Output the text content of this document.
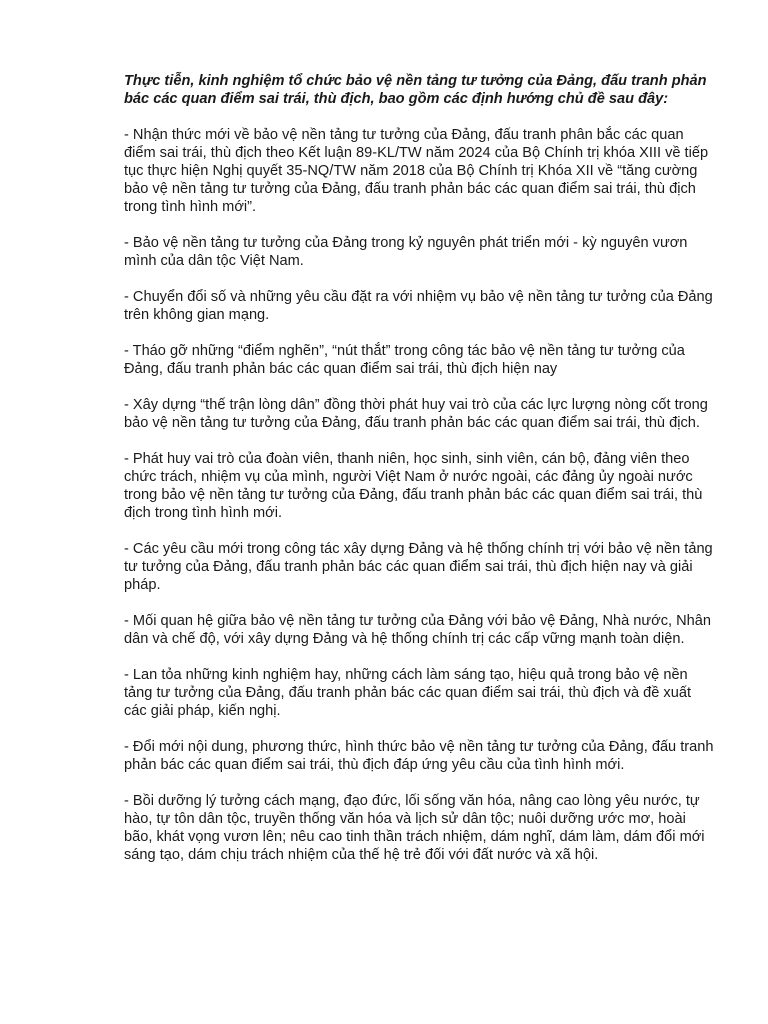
Thực tiễn, kinh nghiệm tổ chức bảo vệ nền tảng tư tưởng của Đảng, đấu tranh phản bác các quan điểm sai trái, thù địch, bao gồm các định hướng chủ đề sau đây:

- Nhận thức mới về bảo vệ nền tảng tư tưởng của Đảng, đấu tranh phân bắc các quan điểm sai trái, thù địch theo Kết luận 89-KL/TW năm 2024 của Bộ Chính trị khóa XIII về tiếp tục thực hiện Nghị quyết 35-NQ/TW năm 2018 của Bộ Chính trị Khóa XII về “tăng cường bảo vệ nền tảng tư tưởng của Đảng, đấu tranh phản bác các quan điểm sai trái, thù địch trong tình hình mới”.

- Bảo vệ nền tảng tư tưởng của Đảng trong kỷ nguyên phát triển mới - kỳ nguyên vươn mình của dân tộc Việt Nam.

- Chuyển đổi số và những yêu cầu đặt ra với nhiệm vụ bảo vệ nền tảng tư tưởng của Đảng trên không gian mạng.

- Tháo gỡ những “điểm nghẽn”, “nút thắt” trong công tác bảo vệ nền tảng tư tưởng của Đảng, đấu tranh phản bác các quan điểm sai trái, thù địch hiện nay

- Xây dựng “thế trận lòng dân” đồng thời phát huy vai trò của các lực lượng nòng cốt trong bảo vệ nền tảng tư tưởng của Đảng, đấu tranh phản bác các quan điểm sai trái, thù địch.

- Phát huy vai trò của đoàn viên, thanh niên, học sinh, sinh viên, cán bộ, đảng viên theo chức trách, nhiệm vụ của mình, người Việt Nam ở nước ngoài, các đảng ủy ngoài nước trong bảo vệ nền tảng tư tưởng của Đảng, đấu tranh phản bác các quan điểm sai trái, thù địch trong tình hình mới.

- Các yêu cầu mới trong công tác xây dựng Đảng và hệ thống chính trị với bảo vệ nền tảng tư tưởng của Đảng, đấu tranh phản bác các quan điểm sai trái, thù địch hiện nay và giải pháp.

- Mối quan hệ giữa bảo vệ nền tảng tư tưởng của Đảng với bảo vệ Đảng, Nhà nước, Nhân dân và chế độ, với xây dựng Đảng và hệ thống chính trị các cấp vững mạnh toàn diện.

- Lan tỏa những kinh nghiệm hay, những cách làm sáng tạo, hiệu quả trong bảo vệ nền tảng tư tưởng của Đảng, đấu tranh phản bác các quan điểm sai trái, thù địch và đề xuất các giải pháp, kiến nghị.

- Đổi mới nội dung, phương thức, hình thức bảo vệ nền tảng tư tưởng của Đảng, đấu tranh phản bác các quan điểm sai trái, thù địch đáp ứng yêu cầu của tình hình mới.

- Bồi dưỡng lý tưởng cách mạng, đạo đức, lối sống văn hóa, nâng cao lòng yêu nước, tự hào, tự tôn dân tộc, truyền thống văn hóa và lịch sử dân tộc; nuôi dưỡng ước mơ, hoài bão, khát vọng vươn lên; nêu cao tinh thần trách nhiệm, dám nghĩ, dám làm, dám đổi mới sáng tạo, dám chịu trách nhiệm của thế hệ trẻ đối với đất nước và xã hội.
